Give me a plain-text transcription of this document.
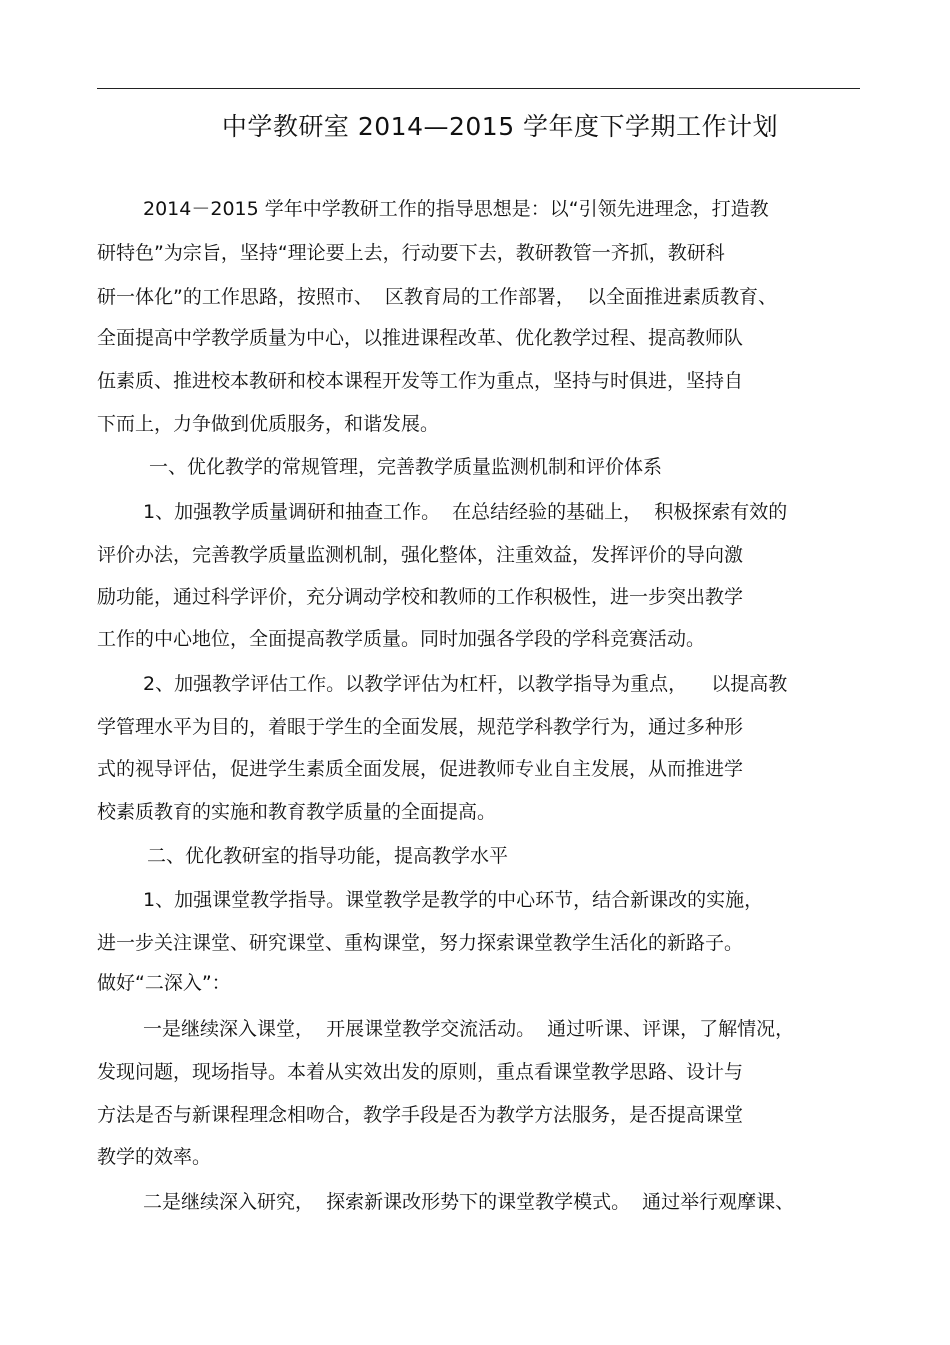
中学教研室 2014—2015 学年度下学期工作计划
2014－2015 学年中学教研工作的指导思想是：以“引领先进理念，打造教
研特色”为宗旨，坚持“理论要上去，行动要下去，教研教管一齐抓，教研科
研一体化”的工作思路，按照市、  区教育局的工作部署，  以全面推进素质教育、
全面提高中学教学质量为中心，以推进课程改革、优化教学过程、提高教师队
伍素质、推进校本教研和校本课程开发等工作为重点，坚持与时俱进，坚持自
下而上，力争做到优质服务，和谐发展。
一、优化教学的常规管理，完善教学质量监测机制和评价体系
1、加强教学质量调研和抽查工作。  在总结经验的基础上，  积极探索有效的
评价办法，完善教学质量监测机制，强化整体，注重效益，发挥评价的导向激
励功能，通过科学评价，充分调动学校和教师的工作积极性，进一步突出教学
工作的中心地位，全面提高教学质量。同时加强各学段的学科竞赛活动。
2、加强教学评估工作。以教学评估为杠杆，以教学指导为重点，    以提高教
学管理水平为目的，着眼于学生的全面发展，规范学科教学行为，通过多种形
式的视导评估，促进学生素质全面发展，促进教师专业自主发展，从而推进学
校素质教育的实施和教育教学质量的全面提高。
二、优化教研室的指导功能，提高教学水平
1、加强课堂教学指导。课堂教学是教学的中心环节，结合新课改的实施，
进一步关注课堂、研究课堂、重构课堂，努力探索课堂教学生活化的新路子。
做好“二深入”：
一是继续深入课堂，  开展课堂教学交流活动。  通过听课、评课，了解情况，
发现问题，现场指导。本着从实效出发的原则，重点看课堂教学思路、设计与
方法是否与新课程理念相吻合，教学手段是否为教学方法服务，是否提高课堂
教学的效率。
二是继续深入研究，  探索新课改形势下的课堂教学模式。  通过举行观摩课、
